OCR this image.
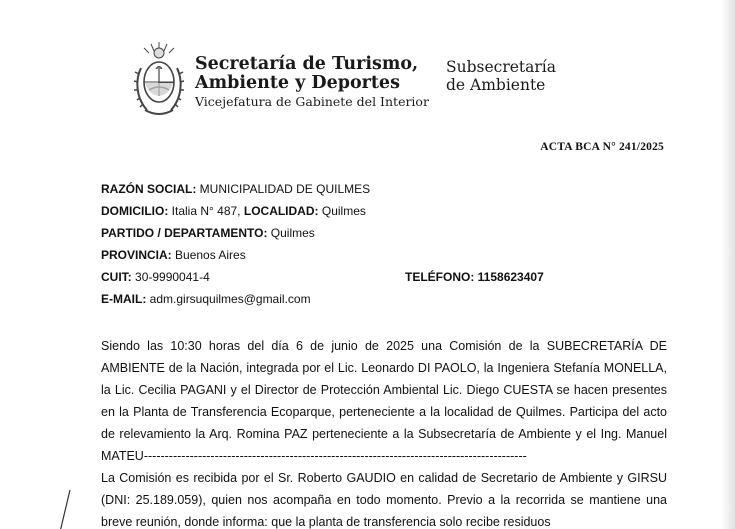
Secretaría de Turismo,
Ambiente y Deportes
Vicejefatura de Gabinete del Interior
Subsecretaría
de Ambiente
ACTA BCA N° 241/2025
RAZÓN SOCIAL: MUNICIPALIDAD DE QUILMES
DOMICILIO: Italia N° 487, LOCALIDAD: Quilmes
PARTIDO / DEPARTAMENTO: Quilmes
PROVINCIA: Buenos Aires
CUIT: 30-9990041-4	TELÉFONO: 1158623407
E-MAIL: adm.girsuquilmes@gmail.com

Siendo las 10:30 horas del día 6 de junio de 2025 una Comisión de la SUBECRETARÍA DE AMBIENTE de la Nación, integrada por el Lic. Leonardo DI PAOLO, la Ingeniera Stefanía MONELLA, la Lic. Cecilia PAGANI y el Director de Protección Ambiental Lic. Diego CUESTA se hacen presentes en la Planta de Transferencia Ecoparque, perteneciente a la localidad de Quilmes. Participa del acto de relevamiento la Arq. Romina PAZ perteneciente a la Subsecretaría de Ambiente y el Ing. Manuel MATEU--------------------------------------------------------------------------------------------

La Comisión es recibida por el Sr. Roberto GAUDIO en calidad de Secretario de Ambiente y GIRSU (DNI: 25.189.059), quien nos acompaña en todo momento. Previo a la recorrida se mantiene una breve reunión, donde informa: que la planta de transferencia solo recibe residuos
